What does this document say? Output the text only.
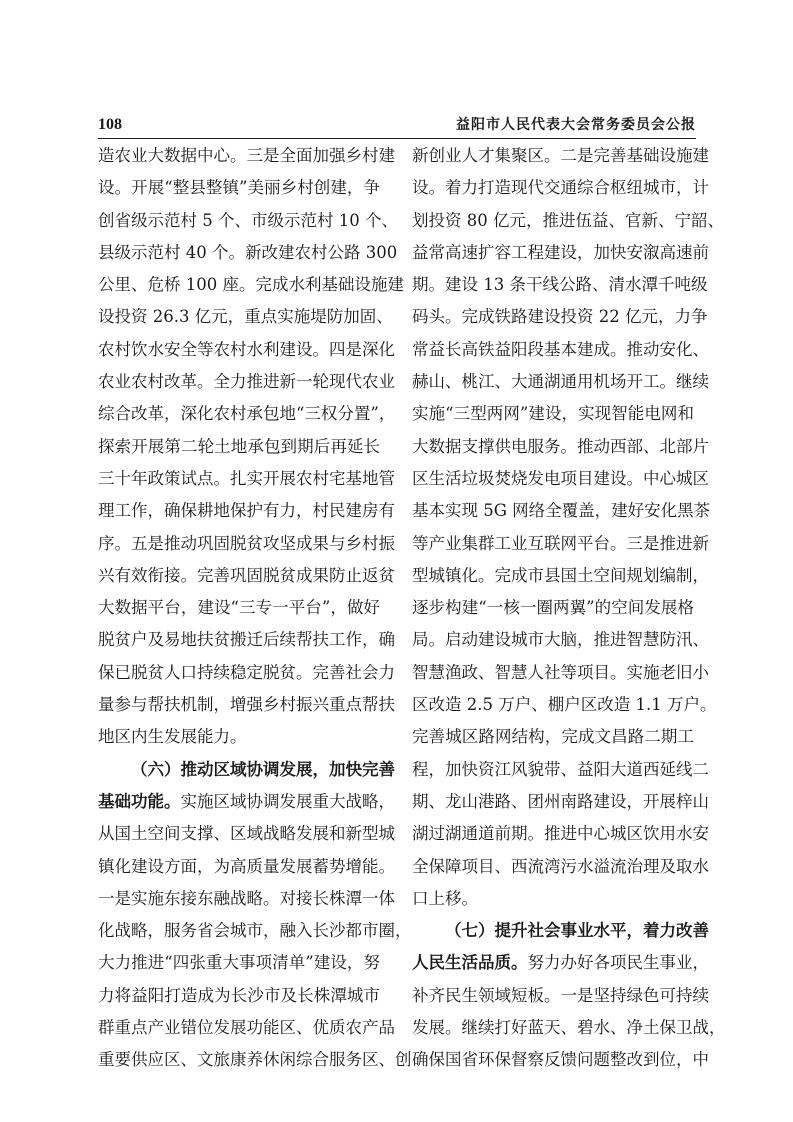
108	益阳市人民代表大会常务委员会公报
造农业大数据中心。三是全面加强乡村建
设。开展“整县整镇”美丽乡村创建，争
创省级示范村 5 个、市级示范村 10 个、
县级示范村 40 个。新改建农村公路 300
公里、危桥 100 座。完成水利基础设施建
设投资 26.3 亿元，重点实施堤防加固、
农村饮水安全等农村水利建设。四是深化
农业农村改革。全力推进新一轮现代农业
综合改革，深化农村承包地“三权分置”，
探索开展第二轮土地承包到期后再延长
三十年政策试点。扎实开展农村宅基地管
理工作，确保耕地保护有力，村民建房有
序。五是推动巩固脱贫攻坚成果与乡村振
兴有效衔接。完善巩固脱贫成果防止返贫
大数据平台，建设“三专一平台”，做好
脱贫户及易地扶贫搬迁后续帮扶工作，确
保已脱贫人口持续稳定脱贫。完善社会力
量参与帮扶机制，增强乡村振兴重点帮扶
地区内生发展能力。
（六）推动区域协调发展，加快完善
基础功能。实施区域协调发展重大战略，
从国土空间支撑、区域战略发展和新型城
镇化建设方面，为高质量发展蓄势增能。
一是实施东接东融战略。对接长株潭一体
化战略，服务省会城市，融入长沙都市圈，
大力推进“四张重大事项清单”建设，努
力将益阳打造成为长沙市及长株潭城市
群重点产业错位发展功能区、优质农产品
重要供应区、文旅康养休闲综合服务区、创
新创业人才集聚区。二是完善基础设施建
设。着力打造现代交通综合枢纽城市，计
划投资 80 亿元，推进伍益、官新、宁韶、
益常高速扩容工程建设，加快安溆高速前
期。建设 13 条干线公路、清水潭千吨级
码头。完成铁路建设投资 22 亿元，力争
常益长高铁益阳段基本建成。推动安化、
赫山、桃江、大通湖通用机场开工。继续
实施“三型两网”建设，实现智能电网和
大数据支撑供电服务。推动西部、北部片
区生活垃圾焚烧发电项目建设。中心城区
基本实现 5G 网络全覆盖，建好安化黑茶
等产业集群工业互联网平台。三是推进新
型城镇化。完成市县国土空间规划编制，
逐步构建“一核一圈两翼”的空间发展格
局。启动建设城市大脑，推进智慧防汛、
智慧渔政、智慧人社等项目。实施老旧小
区改造 2.5 万户、棚户区改造 1.1 万户。
完善城区路网结构，完成文昌路二期工
程，加快资江风貌带、益阳大道西延线二
期、龙山港路、团州南路建设，开展梓山
湖过湖通道前期。推进中心城区饮用水安
全保障项目、西流湾污水溢流治理及取水
口上移。
（七）提升社会事业水平，着力改善
人民生活品质。努力办好各项民生事业，
补齐民生领域短板。一是坚持绿色可持续
发展。继续打好蓝天、碧水、净土保卫战，
确保国省环保督察反馈问题整改到位，中
